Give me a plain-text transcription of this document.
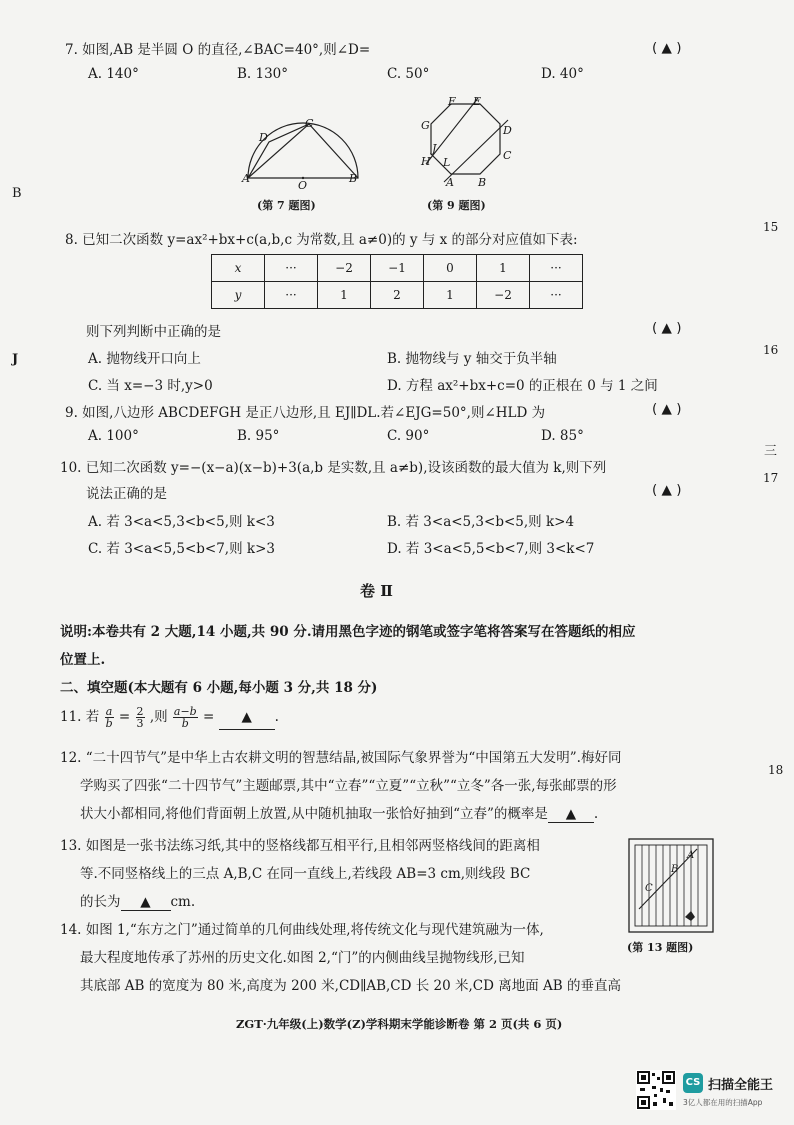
B
J
15
16
三
17
18
7. 如图,AB 是半圆 O 的直径,∠BAC=40°,则∠D=	( ▲ )
A. 140°	B. 130°	C. 50°	D. 40°
D
C
A
O
B
(第 7 题图)
F E
G	D
J
H L
C
A B
(第 9 题图)
8. 已知二次函数 y=ax²+bx+c(a,b,c 为常数,且 a≠0)的 y 与 x 的部分对应值如下表:
x	···	−2	−1	0	1	···
y	···	1	2	1	−2	···
则下列判断中正确的是	( ▲ )
A. 抛物线开口向上	B. 抛物线与 y 轴交于负半轴
C. 当 x=−3 时,y>0	D. 方程 ax²+bx+c=0 的正根在 0 与 1 之间
9. 如图,八边形 ABCDEFGH 是正八边形,且 EJ∥DL.若∠EJG=50°,则∠HLD 为	( ▲ )
A. 100°	B. 95°	C. 90°	D. 85°
10. 已知二次函数 y=−(x−a)(x−b)+3(a,b 是实数,且 a≠b),设该函数的最大值为 k,则下列
说法正确的是	( ▲ )
A. 若 3<a<5,3<b<5,则 k<3	B. 若 3<a<5,3<b<5,则 k>4
C. 若 3<a<5,5<b<7,则 k>3	D. 若 3<a<5,5<b<7,则 3<k<7
卷 Ⅱ
说明:本卷共有 2 大题,14 小题,共 90 分.请用黑色字迹的钢笔或签字笔将答案写在答题纸的相应
位置上.
二、填空题(本大题有 6 小题,每小题 3 分,共 18 分)
11. 若 $\frac{a}{b} = \frac{2}{3}$ ,则 $\frac{a-b}{b}$ = ▲ .
12. “二十四节气”是中华上古农耕文明的智慧结晶,被国际气象界誉为“中国第五大发明”.梅好同
学购买了四张“二十四节气”主题邮票,其中“立春”“立夏”“立秋”“立冬”各一张,每张邮票的形
状大小都相同,将他们背面朝上放置,从中随机抽取一张恰好抽到“立春”的概率是 ▲ .
13. 如图是一张书法练习纸,其中的竖格线都互相平行,且相邻两竖格线间的距离相
等.不同竖格线上的三点 A,B,C 在同一直线上,若线段 AB=3 cm,则线段 BC
的长为 ▲ cm.
A
B
C
(第 13 题图)
14. 如图 1,“东方之门”通过简单的几何曲线处理,将传统文化与现代建筑融为一体,
最大程度地传承了苏州的历史文化.如图 2,“门”的内侧曲线呈抛物线形,已知
其底部 AB 的宽度为 80 米,高度为 200 米,CD∥AB,CD 长 20 米,CD 离地面 AB 的垂直高
ZGT·九年级(上)数学(Z)学科期末学能诊断卷 第 2 页(共 6 页)
CS 扫描全能王
3亿人都在用的扫描App
